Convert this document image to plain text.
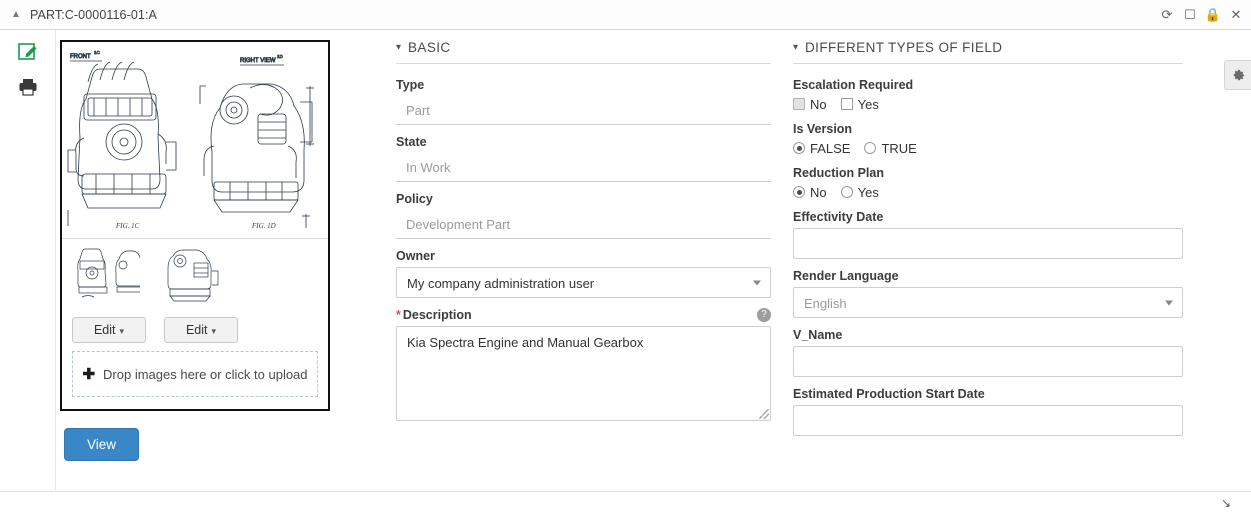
▲ PART:C-0000116-01:A	⟳ ☐ 🔒 ✕
FRONT
1C
RIGHT VIEW
1D
FIG. 1C	FIG. 1D
Edit ▾	Edit ▾
✚ Drop images here or click to upload
View
▾ BASIC
Type
Part
State
In Work
Policy
Development Part
Owner
My company administration user
* Description	?
Kia Spectra Engine and Manual Gearbox
▾ DIFFERENT TYPES OF FIELD
Escalation Required
No Yes
Is Version
FALSE TRUE
Reduction Plan
No Yes
Effectivity Date
Render Language
English
V_Name
Estimated Production Start Date
↘
